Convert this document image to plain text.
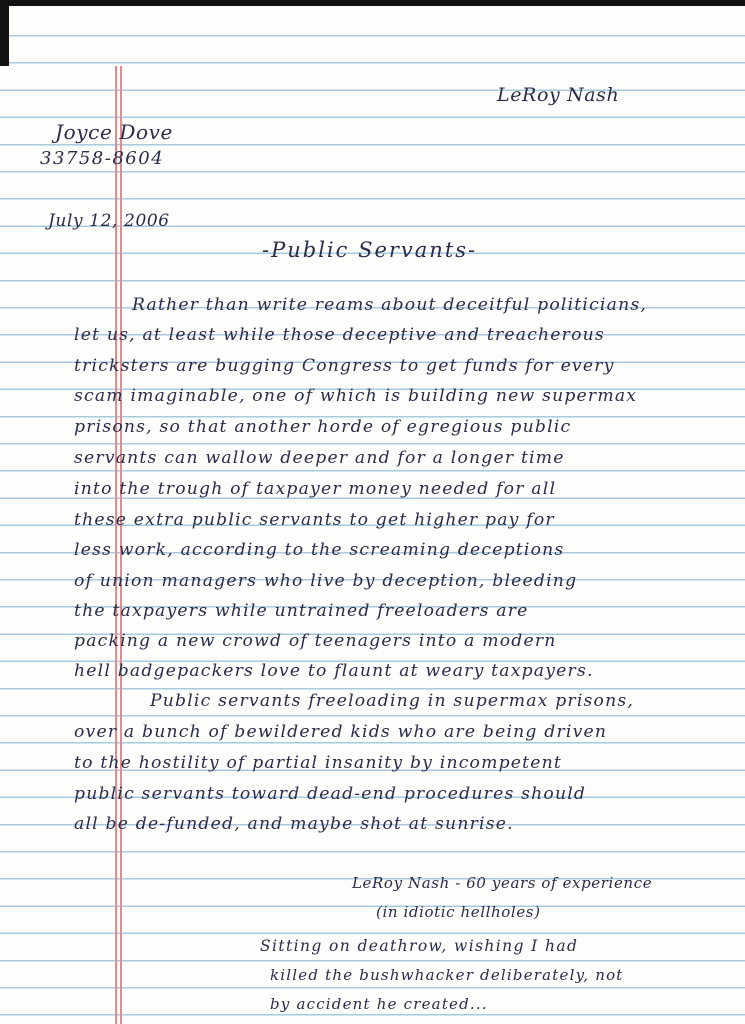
LeRoy Nash
Joyce Dove
33758-8604
July 12, 2006
-Public Servants-
Rather than write reams about deceitful politicians,
let us, at least while those deceptive and treacherous
tricksters are bugging Congress to get funds for every
scam imaginable, one of which is building new supermax
prisons, so that another horde of egregious public
servants can wallow deeper and for a longer time
into the trough of taxpayer money needed for all
these extra public servants to get higher pay for
less work, according to the screaming deceptions
of union managers who live by deception, bleeding
the taxpayers while untrained freeloaders are
packing a new crowd of teenagers into a modern
hell badgepackers love to flaunt at weary taxpayers.
Public servants freeloading in supermax prisons,
over a bunch of bewildered kids who are being driven
to the hostility of partial insanity by incompetent
public servants toward dead-end procedures should
all be de-funded, and maybe shot at sunrise.
LeRoy Nash - 60 years of experience
(in idiotic hellholes)
Sitting on deathrow, wishing I had
killed the bushwhacker deliberately, not
by accident he created...
